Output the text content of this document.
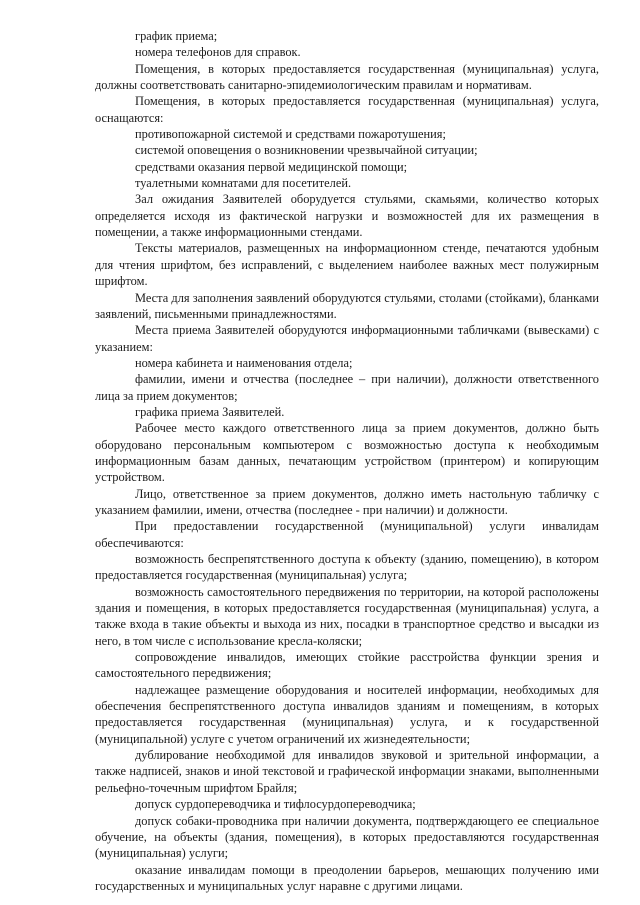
график приема;

номера телефонов для справок.

Помещения, в которых предоставляется государственная (муниципальная) услуга, должны соответствовать санитарно-эпидемиологическим правилам и нормативам.

Помещения, в которых предоставляется государственная (муниципальная) услуга, оснащаются:

противопожарной системой и средствами пожаротушения;

системой оповещения о возникновении чрезвычайной ситуации;

средствами оказания первой медицинской помощи;

туалетными комнатами для посетителей.

Зал ожидания Заявителей оборудуется стульями, скамьями, количество которых определяется исходя из фактической нагрузки и возможностей для их размещения в помещении, а также информационными стендами.

Тексты материалов, размещенных на информационном стенде, печатаются удобным для чтения шрифтом, без исправлений, с выделением наиболее важных мест полужирным шрифтом.

Места для заполнения заявлений оборудуются стульями, столами (стойками), бланками заявлений, письменными принадлежностями.

Места приема Заявителей оборудуются информационными табличками (вывесками) с указанием:

номера кабинета и наименования отдела;

фамилии, имени и отчества (последнее – при наличии), должности ответственного лица за прием документов;

графика приема Заявителей.

Рабочее место каждого ответственного лица за прием документов, должно быть оборудовано персональным компьютером с возможностью доступа к необходимым информационным базам данных, печатающим устройством (принтером) и копирующим устройством.

Лицо, ответственное за прием документов, должно иметь настольную табличку с указанием фамилии, имени, отчества (последнее - при наличии) и должности.

При предоставлении государственной (муниципальной) услуги инвалидам обеспечиваются:

возможность беспрепятственного доступа к объекту (зданию, помещению), в котором предоставляется государственная (муниципальная) услуга;

возможность самостоятельного передвижения по территории, на которой расположены здания и помещения, в которых предоставляется государственная (муниципальная) услуга, а также входа в такие объекты и выхода из них, посадки в транспортное средство и высадки из него, в том числе с использование кресла-коляски;

сопровождение инвалидов, имеющих стойкие расстройства функции зрения и самостоятельного передвижения;

надлежащее размещение оборудования и носителей информации, необходимых для обеспечения беспрепятственного доступа инвалидов зданиям и помещениям, в которых предоставляется государственная (муниципальная) услуга, и к государственной (муниципальной) услуге с учетом ограничений их жизнедеятельности;

дублирование необходимой для инвалидов звуковой и зрительной информации, а также надписей, знаков и иной текстовой и графической информации знаками, выполненными рельефно-точечным шрифтом Брайля;

допуск сурдопереводчика и тифлосурдопереводчика;

допуск собаки-проводника при наличии документа, подтверждающего ее специальное обучение, на объекты (здания, помещения), в которых предоставляются государственная (муниципальная) услуги;

оказание инвалидам помощи в преодолении барьеров, мешающих получению ими государственных и муниципальных услуг наравне с другими лицами.
